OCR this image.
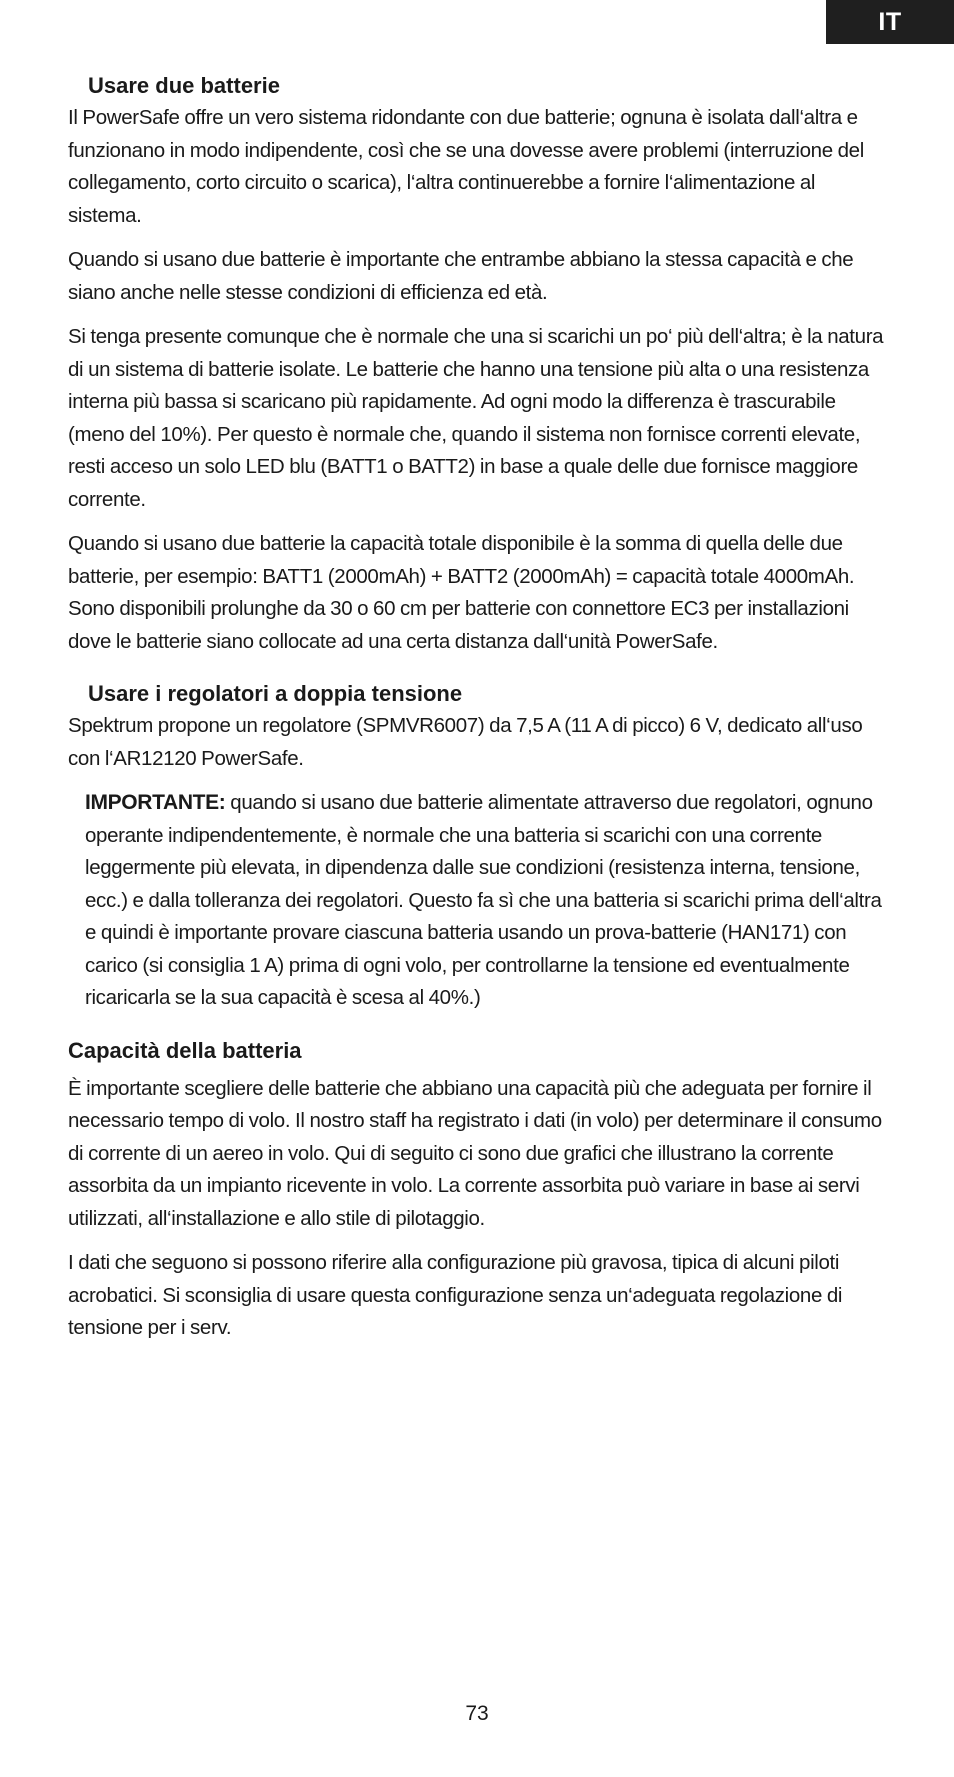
IT
Usare due batterie

Il PowerSafe offre un vero sistema ridondante con due batterie; ognuna è isolata dall‘altra e funzionano in modo indipendente, così che se una dovesse avere problemi (interruzione del collegamento, corto circuito o scarica), l‘altra continuerebbe a fornire l‘alimentazione al sistema.

Quando si usano due batterie è importante che entrambe abbiano la stessa capacità e che siano anche nelle stesse condizioni di efficienza ed età.

Si tenga presente comunque che è normale che una si scarichi un po‘ più dell‘altra; è la natura di un sistema di batterie isolate. Le batterie che hanno una tensione più alta o una resistenza interna più bassa si scaricano più rapidamente. Ad ogni modo la differenza è trascurabile (meno del 10%). Per questo è normale che, quando il sistema non fornisce correnti elevate, resti acceso un solo LED blu (BATT1 o BATT2) in base a quale delle due fornisce maggiore corrente.

Quando si usano due batterie la capacità totale disponibile è la somma di quella delle due batterie, per esempio: BATT1 (2000mAh) + BATT2 (2000mAh) = capacità totale 4000mAh. Sono disponibili prolunghe da 30 o 60 cm per batterie con connettore EC3 per installazioni dove le batterie siano collocate ad una certa distanza dall‘unità PowerSafe.

Usare i regolatori a doppia tensione

Spektrum propone un regolatore (SPMVR6007) da 7,5 A (11 A di picco) 6 V, dedicato all‘uso con l‘AR12120 PowerSafe.

IMPORTANTE: quando si usano due batterie alimentate attraverso due regolatori, ognuno operante indipendentemente, è normale che una batteria si scarichi con una corrente leggermente più elevata, in dipendenza dalle sue condizioni (resistenza interna, tensione, ecc.) e dalla tolleranza dei regolatori. Questo fa sì che una batteria si scarichi prima dell‘altra e quindi è importante provare ciascuna batteria usando un prova-batterie (HAN171) con carico (si consiglia 1 A) prima di ogni volo, per controllarne la tensione ed eventualmente ricaricarla se la sua capacità è scesa al 40%.)

Capacità della batteria

È importante scegliere delle batterie che abbiano una capacità più che adeguata per fornire il necessario tempo di volo. Il nostro staff ha registrato i dati (in volo) per determinare il consumo di corrente di un aereo in volo. Qui di seguito ci sono due grafici che illustrano la corrente assorbita da un impianto ricevente in volo. La corrente assorbita può variare in base ai servi utilizzati, all‘installazione e allo stile di pilotaggio.

I dati che seguono si possono riferire alla configurazione più gravosa, tipica di alcuni piloti acrobatici. Si sconsiglia di usare questa configurazione senza un‘adeguata regolazione di tensione per i serv.

73
